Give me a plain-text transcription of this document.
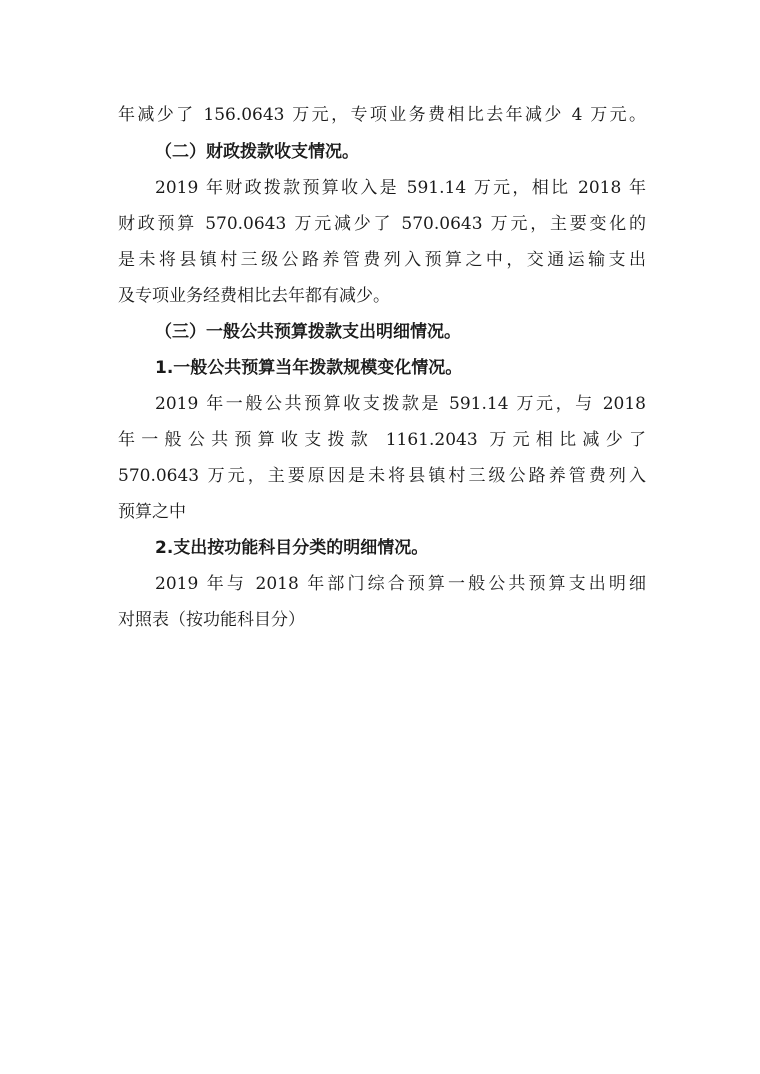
年减少了 156.0643 万元，专项业务费相比去年减少 4 万元。
（二）财政拨款收支情况。
2019 年财政拨款预算收入是 591.14 万元，相比 2018 年
财政预算 570.0643 万元减少了 570.0643 万元，主要变化的
是未将县镇村三级公路养管费列入预算之中，交通运输支出
及专项业务经费相比去年都有减少。
（三）一般公共预算拨款支出明细情况。
1.一般公共预算当年拨款规模变化情况。
2019 年一般公共预算收支拨款是 591.14 万元，与 2018
年一般公共预算收支拨款 1161.2043 万元相比减少了
570.0643 万元，主要原因是未将县镇村三级公路养管费列入
预算之中
2.支出按功能科目分类的明细情况。
2019 年与 2018 年部门综合预算一般公共预算支出明细
对照表（按功能科目分）
